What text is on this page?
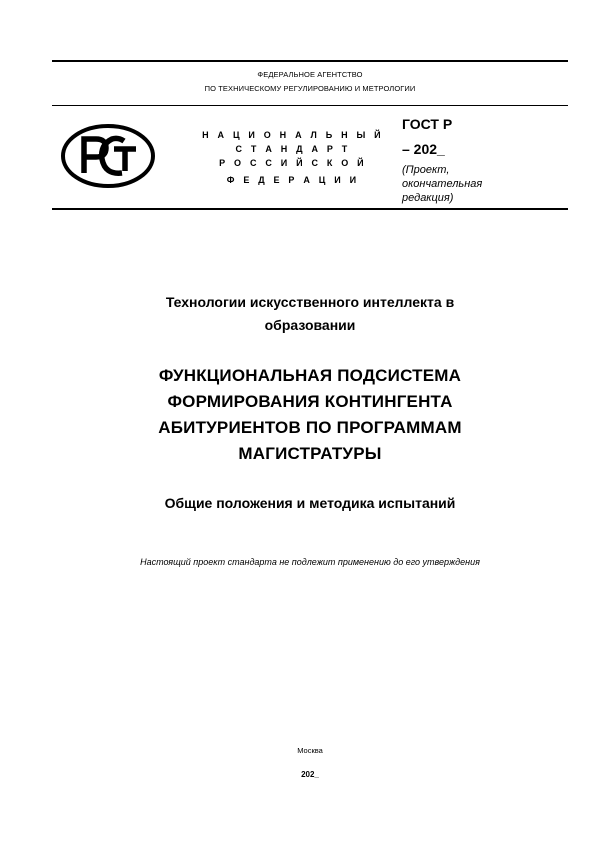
ФЕДЕРАЛЬНОЕ АГЕНТСТВО
ПО ТЕХНИЧЕСКОМУ РЕГУЛИРОВАНИЮ И МЕТРОЛОГИИ
РСТ
Н А Ц И О Н А Л Ь Н Ы Й
С Т А Н Д А Р Т
Р О С С И Й С К О Й
Ф Е Д Е Р А Ц И И
ГОСТ Р
– 202_
(Проект,
окончательная
редакция)
Технологии искусственного интеллекта в
образовании
ФУНКЦИОНАЛЬНАЯ ПОДСИСТЕМА
ФОРМИРОВАНИЯ КОНТИНГЕНТА
АБИТУРИЕНТОВ ПО ПРОГРАММАМ
МАГИСТРАТУРЫ
Общие положения и методика испытаний
Настоящий проект стандарта не подлежит применению до его утверждения
Москва
202_
